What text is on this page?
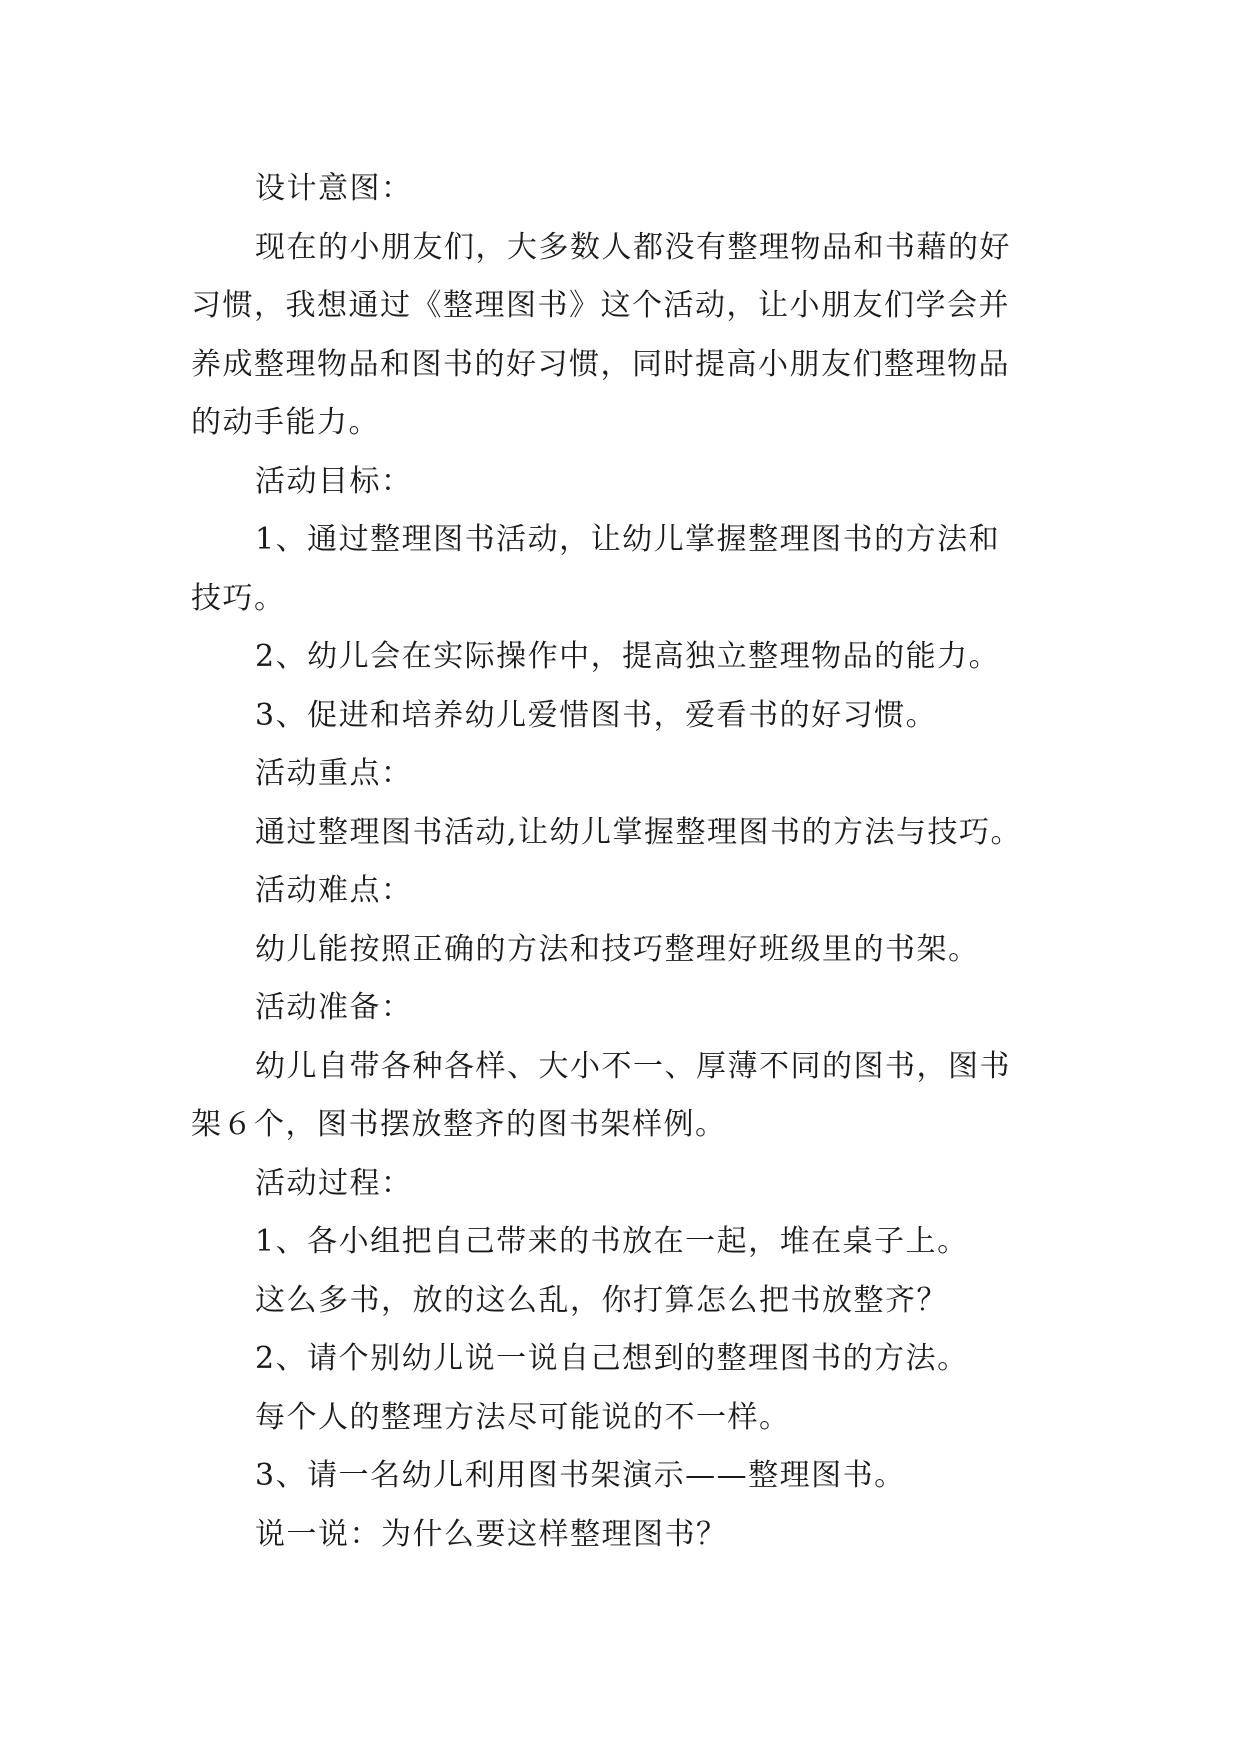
设计意图：
现在的小朋友们，大多数人都没有整理物品和书藉的好
习惯，我想通过《整理图书》这个活动，让小朋友们学会并
养成整理物品和图书的好习惯，同时提高小朋友们整理物品
的动手能力。
活动目标：
1、通过整理图书活动，让幼儿掌握整理图书的方法和
技巧。
2、幼儿会在实际操作中，提高独立整理物品的能力。
3、促进和培养幼儿爱惜图书，爱看书的好习惯。
活动重点：
通过整理图书活动,让幼儿掌握整理图书的方法与技巧。
活动难点：
幼儿能按照正确的方法和技巧整理好班级里的书架。
活动准备：
幼儿自带各种各样、大小不一、厚薄不同的图书，图书
架６个，图书摆放整齐的图书架样例。
活动过程：
1、各小组把自己带来的书放在一起，堆在桌子上。
这么多书，放的这么乱，你打算怎么把书放整齐？
2、请个别幼儿说一说自己想到的整理图书的方法。
每个人的整理方法尽可能说的不一样。
3、请一名幼儿利用图书架演示——整理图书。
说一说：为什么要这样整理图书？
